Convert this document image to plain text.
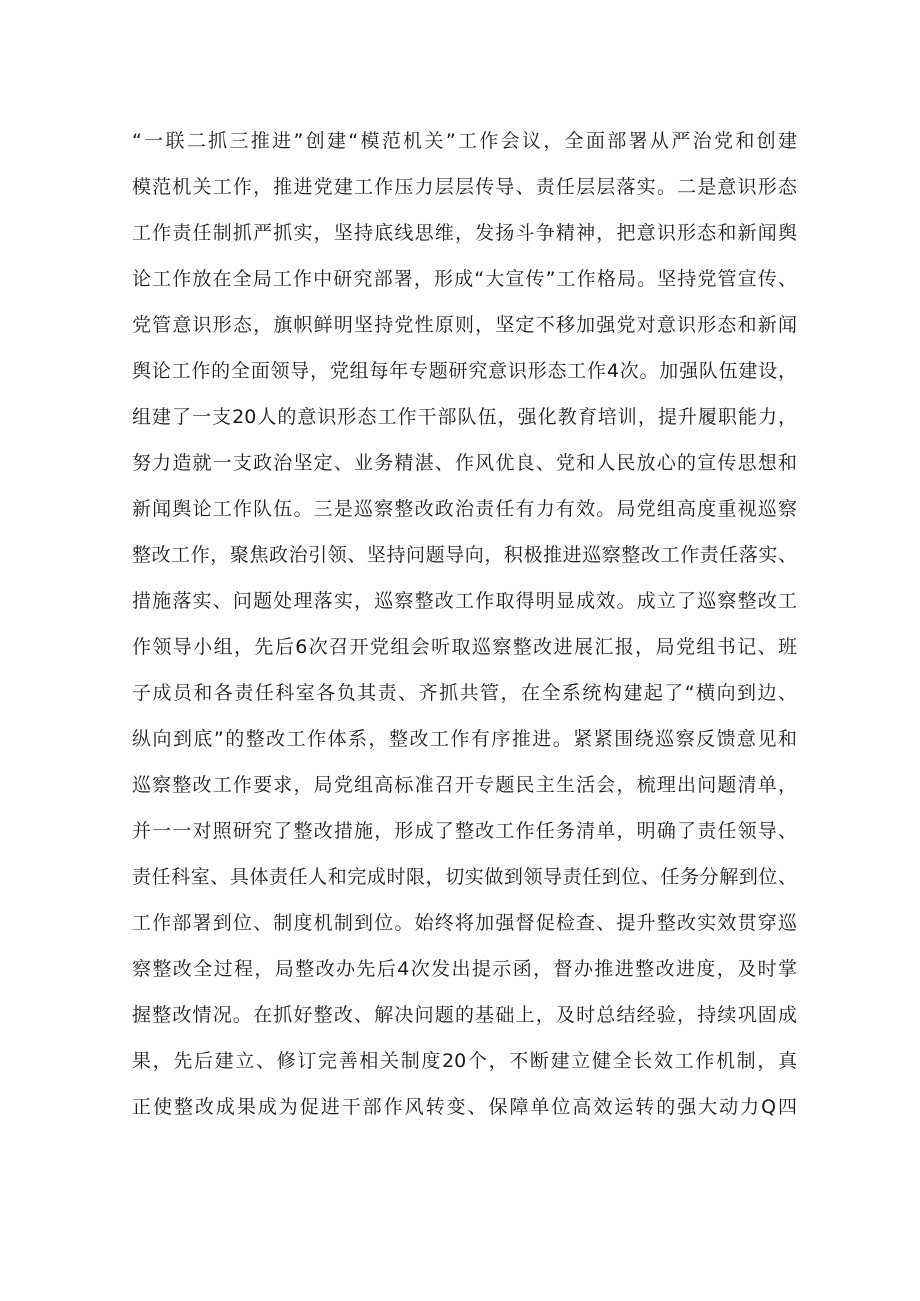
“一联二抓三推进”创建“模范机关”工作会议，全面部署从严治党和创建
模范机关工作，推进党建工作压力层层传导、责任层层落实。二是意识形态
工作责任制抓严抓实，坚持底线思维，发扬斗争精神，把意识形态和新闻舆
论工作放在全局工作中研究部署，形成“大宣传”工作格局。坚持党管宣传、
党管意识形态，旗帜鲜明坚持党性原则，坚定不移加强党对意识形态和新闻
舆论工作的全面领导，党组每年专题研究意识形态工作4次。加强队伍建设，
组建了一支20人的意识形态工作干部队伍，强化教育培训，提升履职能力，
努力造就一支政治坚定、业务精湛、作风优良、党和人民放心的宣传思想和
新闻舆论工作队伍。三是巡察整改政治责任有力有效。局党组高度重视巡察
整改工作，聚焦政治引领、坚持问题导向，积极推进巡察整改工作责任落实、
措施落实、问题处理落实，巡察整改工作取得明显成效。成立了巡察整改工
作领导小组，先后6次召开党组会听取巡察整改进展汇报，局党组书记、班
子成员和各责任科室各负其责、齐抓共管，在全系统构建起了“横向到边、
纵向到底”的整改工作体系，整改工作有序推进。紧紧围绕巡察反馈意见和
巡察整改工作要求，局党组高标准召开专题民主生活会，梳理出问题清单，
并一一对照研究了整改措施，形成了整改工作任务清单，明确了责任领导、
责任科室、具体责任人和完成时限，切实做到领导责任到位、任务分解到位、
工作部署到位、制度机制到位。始终将加强督促检查、提升整改实效贯穿巡
察整改全过程，局整改办先后4次发出提示函，督办推进整改进度，及时掌
握整改情况。在抓好整改、解决问题的基础上，及时总结经验，持续巩固成
果，先后建立、修订完善相关制度20个，不断建立健全长效工作机制，真
正使整改成果成为促进干部作风转变、保障单位高效运转的强大动力Q四
